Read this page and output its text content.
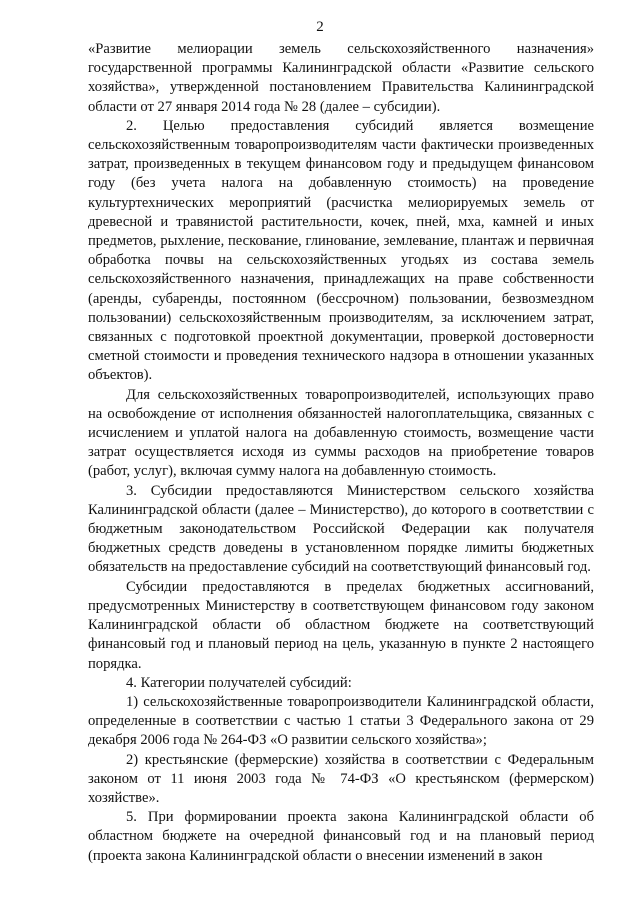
2

«Развитие мелиорации земель сельскохозяйственного назначения» государственной программы Калининградской области «Развитие сельского хозяйства», утвержденной постановлением Правительства Калининградской области от 27 января 2014 года № 28 (далее – субсидии).

2. Целью предоставления субсидий является возмещение сельскохозяйственным товаропроизводителям части фактически произведенных затрат, произведенных в текущем финансовом году и предыдущем финансовом году (без учета налога на добавленную стоимость) на проведение культуртехнических мероприятий (расчистка мелиорируемых земель от древесной и травянистой растительности, кочек, пней, мха, камней и иных предметов, рыхление, пескование, глинование, землевание, плантаж и первичная обработка почвы на сельскохозяйственных угодьях из состава земель сельскохозяйственного назначения, принадлежащих на праве собственности (аренды, субаренды, постоянном (бессрочном) пользовании, безвозмездном пользовании) сельскохозяйственным производителям, за исключением затрат, связанных с подготовкой проектной документации, проверкой достоверности сметной стоимости и проведения технического надзора в отношении указанных объектов).

Для сельскохозяйственных товаропроизводителей, использующих право на освобождение от исполнения обязанностей налогоплательщика, связанных с исчислением и уплатой налога на добавленную стоимость, возмещение части затрат осуществляется исходя из суммы расходов на приобретение товаров (работ, услуг), включая сумму налога на добавленную стоимость.

3. Субсидии предоставляются Министерством сельского хозяйства Калининградской области (далее – Министерство), до которого в соответствии с бюджетным законодательством Российской Федерации как получателя бюджетных средств доведены в установленном порядке лимиты бюджетных обязательств на предоставление субсидий на соответствующий финансовый год.

Субсидии предоставляются в пределах бюджетных ассигнований, предусмотренных Министерству в соответствующем финансовом году законом Калининградской области об областном бюджете на соответствующий финансовый год и плановый период на цель, указанную в пункте 2 настоящего порядка.

4. Категории получателей субсидий:

1) сельскохозяйственные товаропроизводители Калининградской области, определенные в соответствии с частью 1 статьи 3 Федерального закона от 29 декабря 2006 года № 264-ФЗ «О развитии сельского хозяйства»;

2) крестьянские (фермерские) хозяйства в соответствии с Федеральным законом от 11 июня 2003 года № 74-ФЗ «О крестьянском (фермерском) хозяйстве».

5. При формировании проекта закона Калининградской области об областном бюджете на очередной финансовый год и на плановый период (проекта закона Калининградской области о внесении изменений в закон
